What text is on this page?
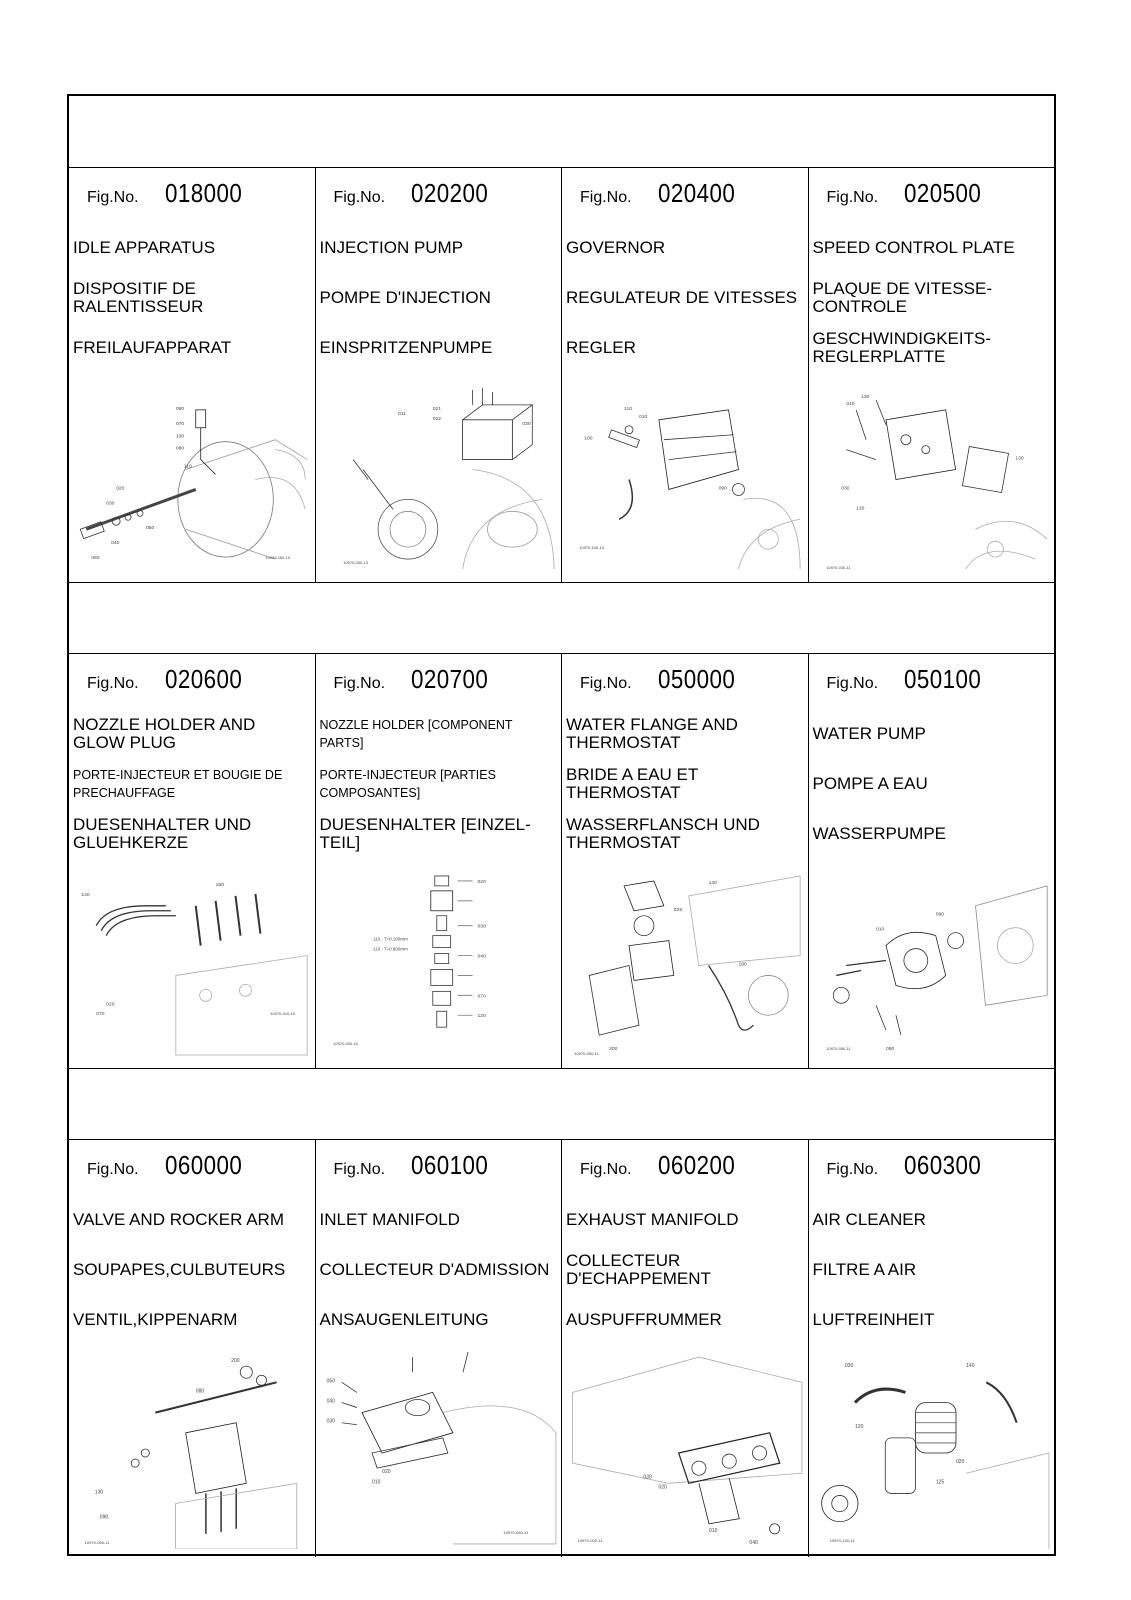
Fig.No. 018000
IDLE APPARATUS
DISPOSITIF DE RALENTISSEUR
FREILAUFAPPARAT
050
070
100
080
110
020
030
050
060
040
10999-100-10
Fig.No. 020200
INJECTION PUMP
POMPE D'INJECTION
EINSPRITZENPUMPE
021
022
011
030
10970-030-13
Fig.No. 020400
GOVERNOR
REGULATEUR DE VITESSES
REGLER
110
010
100
090
10970-100-13
Fig.No. 020500
SPEED CONTROL PLATE
PLAQUE DE VITESSE-CONTROLE
GESCHWINDIGKEITS-REGLERPLATTE
010
130
130
030
120
10970-030-11
Fig.No. 020600
NOZZLE HOLDER AND GLOW PLUG
PORTE-INJECTEUR ET BOUGIE DE PRECHAUFFAGE
DUESENHALTER UND GLUEHKERZE
140
150
020
070	10970-010-10
Fig.No. 020700
NOZZLE HOLDER [COMPONENT PARTS]
PORTE-INJECTEUR [PARTIES COMPOSANTES]
DUESENHALTER [EINZEL-TEIL]
020
030
040
070
120
110 : T=0.100mm
110 : T=0.800mm
10970-000-10
Fig.No. 050000
WATER FLANGE AND THERMOSTAT
BRIDE A EAU ET THERMOSTAT
WASSERFLANSCH UND THERMOSTAT
130
025
180
200
10970-050-11
Fig.No. 050100
WATER PUMP
POMPE A EAU
WASSERPUMPE
010
090
090
10970-050-11
Fig.No. 060000
VALVE AND ROCKER ARM
SOUPAPES,CULBUTEURS
VENTIL,KIPPENARM
080
200
130
090
10970-060-11
Fig.No. 060100
INLET MANIFOLD
COLLECTEUR D'ADMISSION
ANSAUGENLEITUNG
050
040
030
010
020
10970-060-11
Fig.No. 060200
EXHAUST MANIFOLD
COLLECTEUR D'ECHAPPEMENT
AUSPUFFRUMMER
030
020
010
040
10970-000-11
Fig.No. 060300
AIR CLEANER
FILTRE A AIR
LUFTREINHEIT
030	140
120
020
125
10970-130-11
